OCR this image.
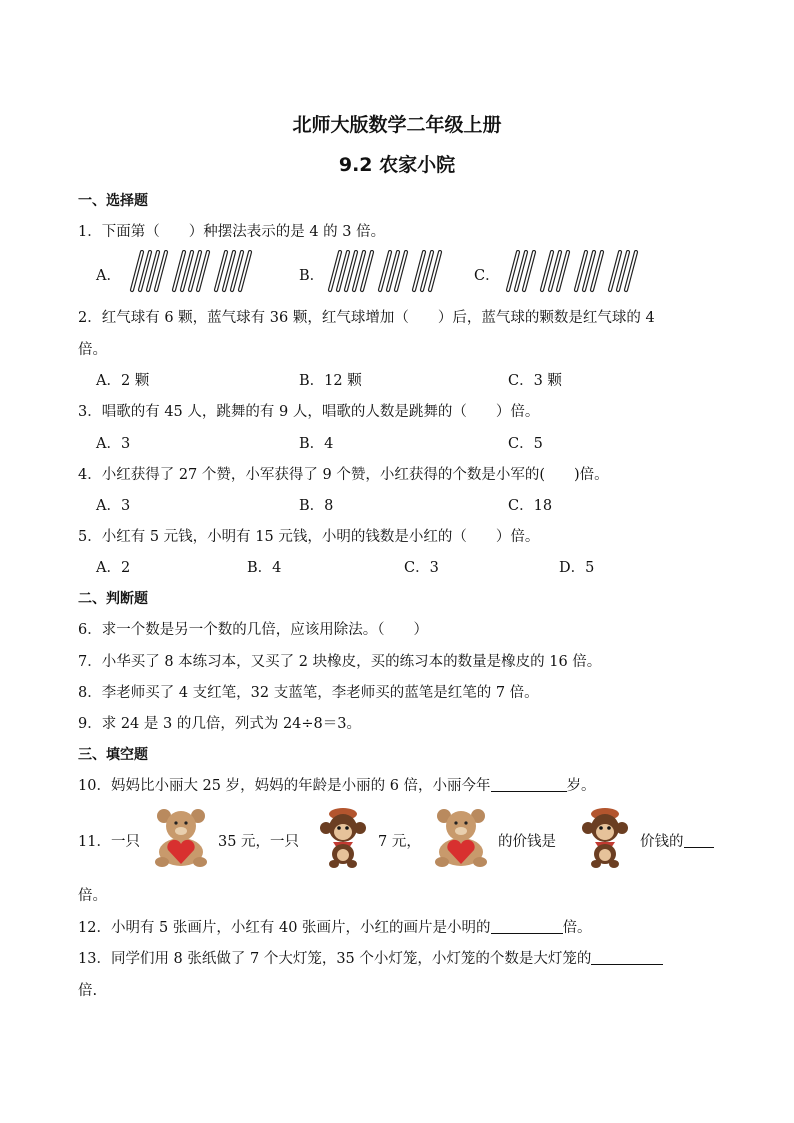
北师大版数学二年级上册
9.2 农家小院
一、选择题
1．下面第（　　）种摆法表示的是 4 的 3 倍。
A．	B．	C．
2．红气球有 6 颗，蓝气球有 36 颗，红气球增加（　　）后，蓝气球的颗数是红气球的 4
倍。
A．2 颗	B．12 颗	C．3 颗
3．唱歌的有 45 人，跳舞的有 9 人，唱歌的人数是跳舞的（　　）倍。
A．3	B．4	C．5
4．小红获得了 27 个赞，小军获得了 9 个赞，小红获得的个数是小军的(　　)倍。
A．3	B．8	C．18
5．小红有 5 元钱，小明有 15 元钱，小明的钱数是小红的（　　）倍。
A．2	B．4	C．3	D．5
二、判断题
6．求一个数是另一个数的几倍，应该用除法。（　　）
7．小华买了 8 本练习本，又买了 2 块橡皮，买的练习本的数量是橡皮的 16 倍。
8．李老师买了 4 支红笔，32 支蓝笔，李老师买的蓝笔是红笔的 7 倍。
9．求 24 是 3 的几倍，列式为 24÷8＝3。
三、填空题
10．妈妈比小丽大 25 岁，妈妈的年龄是小丽的 6 倍，小丽今年	岁。
11．一只	35 元，一只	7 元，	的价钱是	价钱的
倍。
12．小明有 5 张画片，小红有 40 张画片，小红的画片是小明的	倍。
13．同学们用 8 张纸做了 7 个大灯笼，35 个小灯笼，小灯笼的个数是大灯笼的
倍.
